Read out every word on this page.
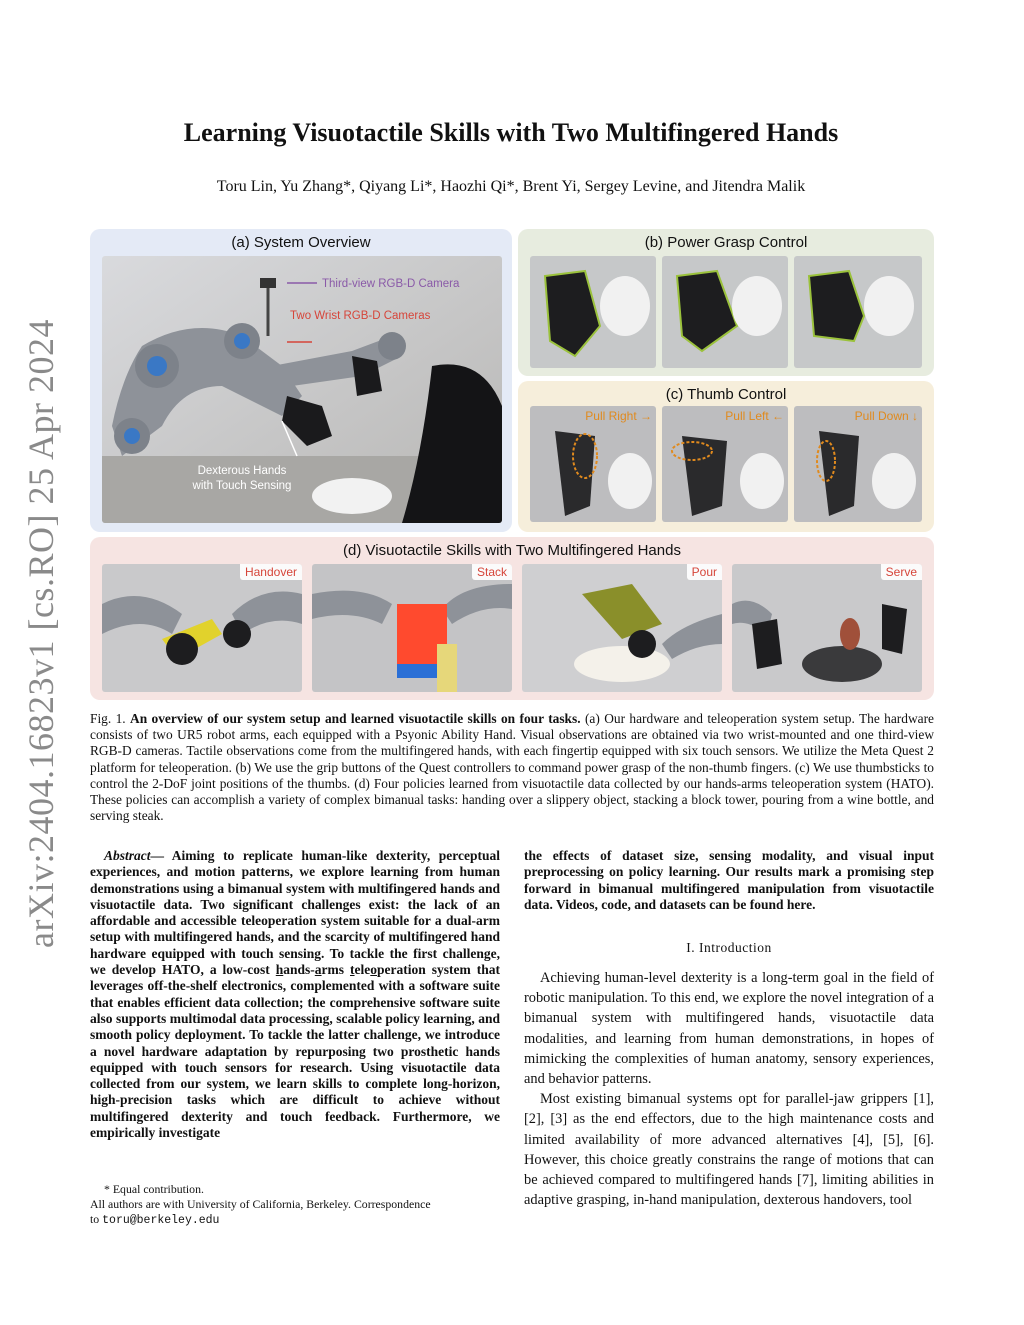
arXiv:2404.16823v1 [cs.RO] 25 Apr 2024
Learning Visuotactile Skills with Two Multifingered Hands
Toru Lin, Yu Zhang*, Qiyang Li*, Haozhi Qi*, Brent Yi, Sergey Levine, and Jitendra Malik
(a) System Overview
Third-view RGB-D Camera
Two Wrist RGB-D Cameras
Dexterous Hands
with Touch Sensing
(b) Power Grasp Control
(c) Thumb Control
Pull Right →	Pull Left ←	Pull Down ↓
(d) Visuotactile Skills with Two Multifingered Hands
Handover	Stack	Pour	Serve
Fig. 1. An overview of our system setup and learned visuotactile skills on four tasks. (a) Our hardware and teleoperation system setup. The hardware consists of two UR5 robot arms, each equipped with a Psyonic Ability Hand. Visual observations are obtained via two wrist-mounted and one third-view RGB-D cameras. Tactile observations come from the multifingered hands, with each fingertip equipped with six touch sensors. We utilize the Meta Quest 2 platform for teleoperation. (b) We use the grip buttons of the Quest controllers to command power grasp of the non-thumb fingers. (c) We use thumbsticks to control the 2-DoF joint positions of the thumbs. (d) Four policies learned from visuotactile data collected by our hands-arms teleoperation system (HATO). These policies can accomplish a variety of complex bimanual tasks: handing over a slippery object, stacking a block tower, pouring from a wine bottle, and serving steak.
Abstract— Aiming to replicate human-like dexterity, perceptual experiences, and motion patterns, we explore learning from human demonstrations using a bimanual system with multifingered hands and visuotactile data. Two significant challenges exist: the lack of an affordable and accessible teleoperation system suitable for a dual-arm setup with multifingered hands, and the scarcity of multifingered hand hardware equipped with touch sensing. To tackle the first challenge, we develop HATO, a low-cost hands-arms teleoperation system that leverages off-the-shelf electronics, complemented with a software suite that enables efficient data collection; the comprehensive software suite also supports multimodal data processing, scalable policy learning, and smooth policy deployment. To tackle the latter challenge, we introduce a novel hardware adaptation by repurposing two prosthetic hands equipped with touch sensors for research. Using visuotactile data collected from our system, we learn skills to complete long-horizon, high-precision tasks which are difficult to achieve without multifingered dexterity and touch feedback. Furthermore, we empirically investigate
the effects of dataset size, sensing modality, and visual input preprocessing on policy learning. Our results mark a promising step forward in bimanual multifingered manipulation from visuotactile data. Videos, code, and datasets can be found here.
I. Introduction

Achieving human-level dexterity is a long-term goal in the field of robotic manipulation. To this end, we explore the novel integration of a bimanual system with multifingered hands, visuotactile data modalities, and learning from human demonstrations, in hopes of mimicking the complexities of human anatomy, sensory experiences, and behavior patterns.

Most existing bimanual systems opt for parallel-jaw grippers [1], [2], [3] as the end effectors, due to the high maintenance costs and limited availability of more advanced alternatives [4], [5], [6]. However, this choice greatly constrains the range of motions that can be achieved compared to multifingered hands [7], limiting abilities in adaptive grasping, in-hand manipulation, dexterous handovers, tool

* Equal contribution.
All authors are with University of California, Berkeley. Correspondence
to toru@berkeley.edu
